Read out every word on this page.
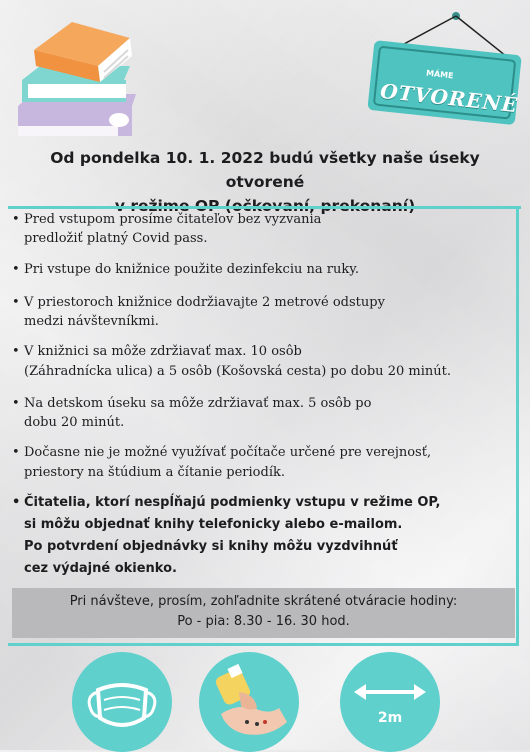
MÁME
OTVORENÉ
Od pondelka 10. 1. 2022 budú všetky naše úseky otvorené
• Pred vstupom prosíme čitateľov bez vyzvania
predložiť platný Covid pass.
• Pri vstupe do knižnice použite dezinfekciu na ruky.
• V priestoroch knižnice dodržiavajte 2 metrové odstupy
medzi návštevníkmi.
• V knižnici sa môže zdržiavať max. 10 osôb
(Záhradnícka ulica) a 5 osôb (Košovská cesta) po dobu 20 minút.
• Na detskom úseku sa môže zdržiavať max. 5 osôb po
dobu 20 minút.
• Dočasne nie je možné využívať počítače určené pre verejnosť,
priestory na štúdium a čítanie periodík.
• Čitatelia, ktorí nespĺňajú podmienky vstupu v režime OP,
si môžu objednať knihy telefonicky alebo e-mailom.
Po potvrdení objednávky si knihy môžu vyzdvihnúť
cez výdajné okienko.
Pri návšteve, prosím, zohľadnite skrátené otváracie hodiny:
Po - pia: 8.30 - 16. 30 hod.
2m
